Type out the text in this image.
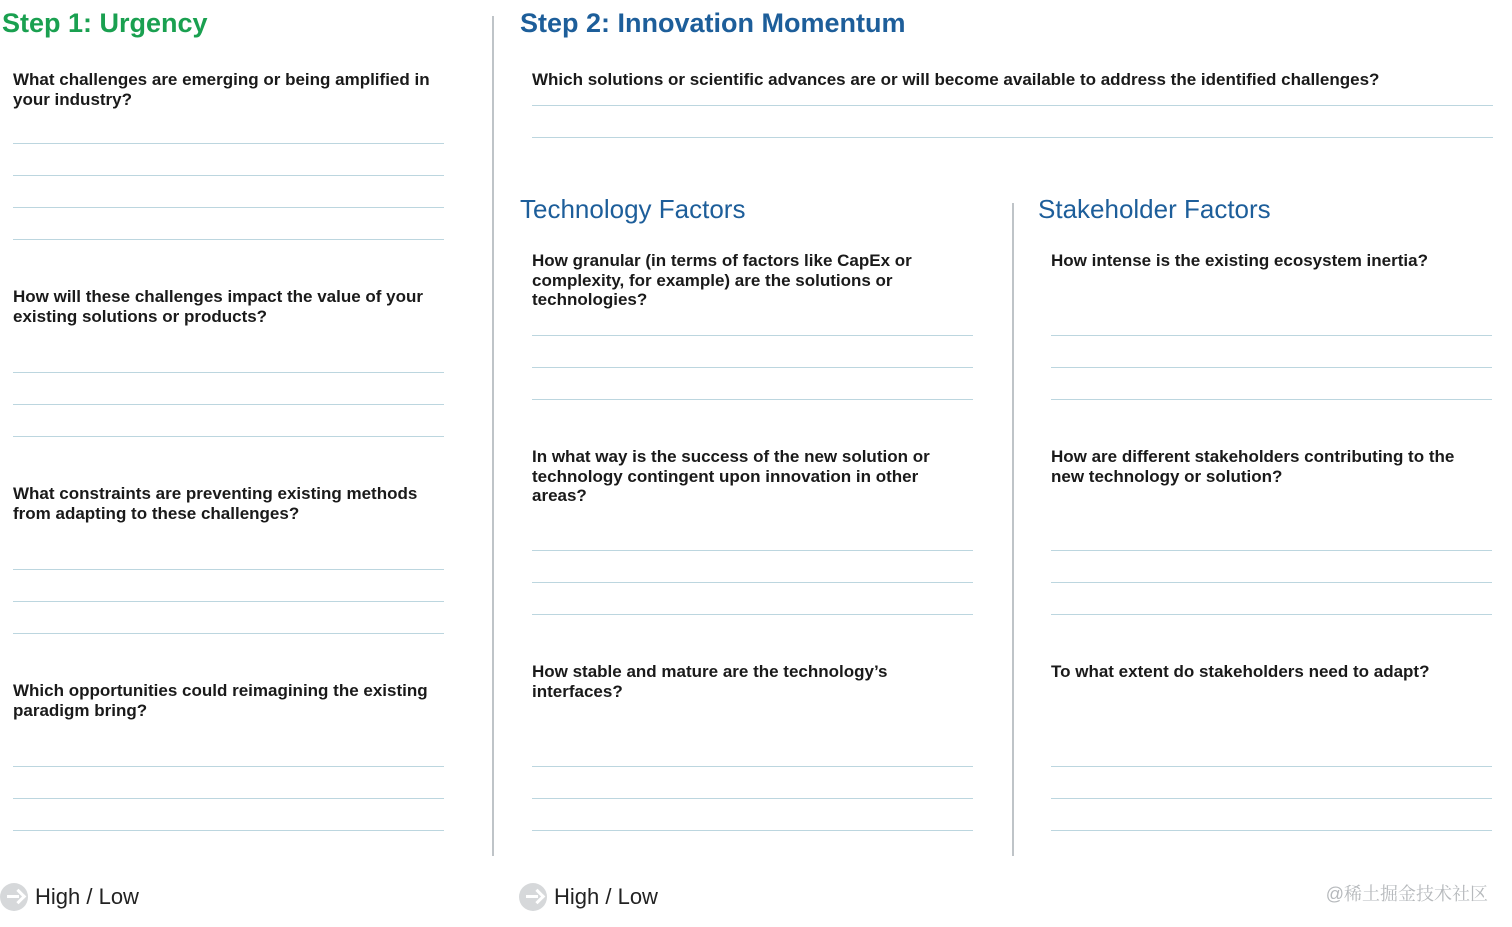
Step 1: Urgency
What challenges are emerging or being amplified in your industry?
How will these challenges impact the value of your existing solutions or products?
What constraints are preventing existing methods from adapting to these challenges?
Which opportunities could reimagining the existing paradigm bring?
High / Low
Step 2: Innovation Momentum
Which solutions or scientific advances are or will become available to address the identified challenges?
Technology Factors
How granular (in terms of factors like CapEx or complexity, for example) are the solutions or technologies?
In what way is the success of the new solution or technology contingent upon innovation in other areas?
How stable and mature are the technology’s interfaces?
Stakeholder Factors
How intense is the existing ecosystem inertia?
How are different stakeholders contributing to the new technology or solution?
To what extent do stakeholders need to adapt?
High / Low	@稀土掘金技术社区
